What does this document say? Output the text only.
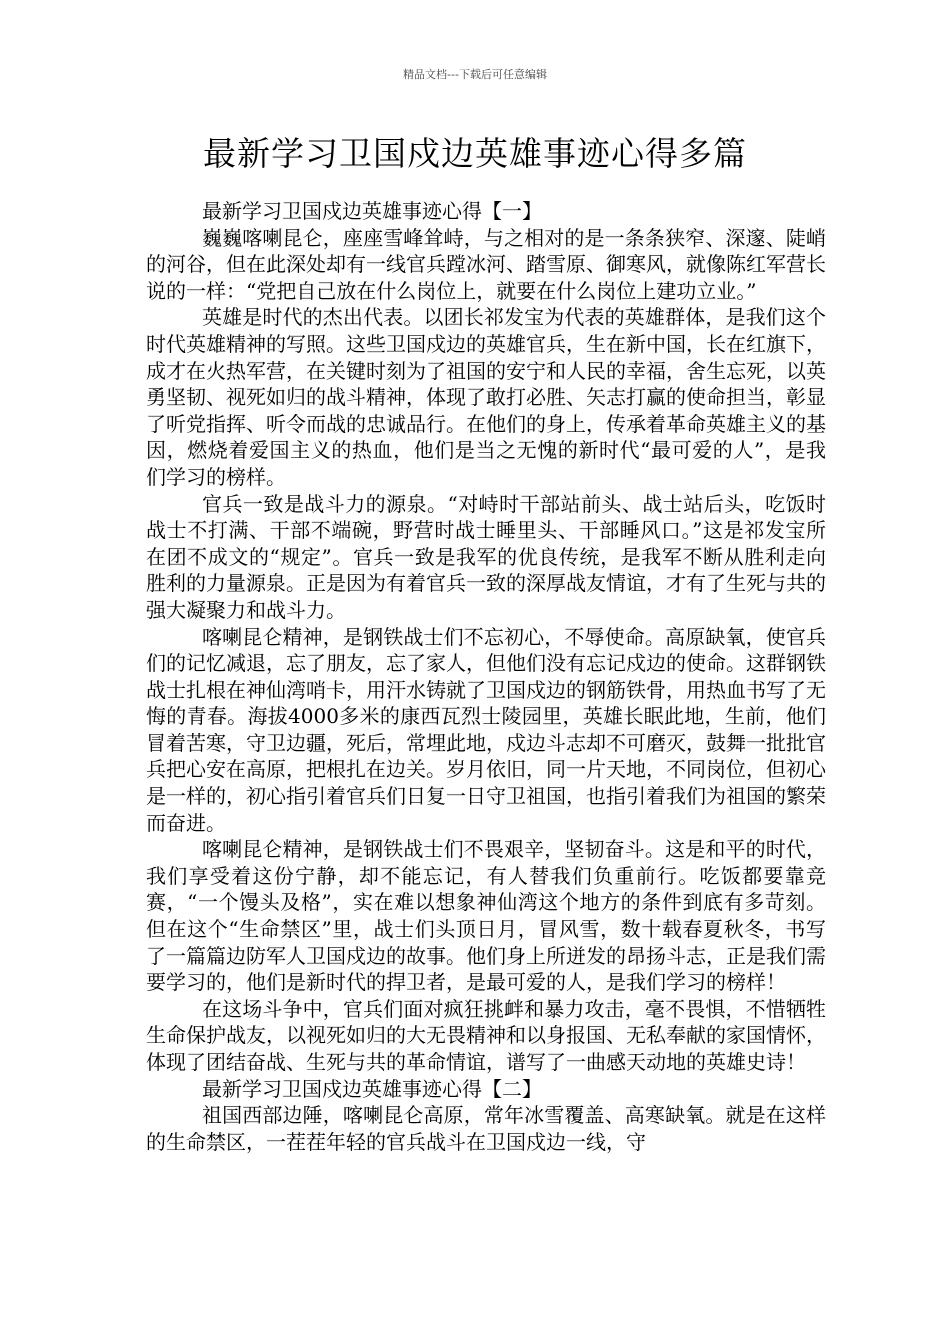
精品文档---下载后可任意编辑
最新学习卫国戍边英雄事迹心得多篇

最新学习卫国戍边英雄事迹心得【一】

巍巍喀喇昆仑，座座雪峰耸峙，与之相对的是一条条狭窄、深邃、陡峭的河谷，但在此深处却有一线官兵蹚冰河、踏雪原、御寒风，就像陈红军营长说的一样：“党把自己放在什么岗位上，就要在什么岗位上建功立业。”

英雄是时代的杰出代表。以团长祁发宝为代表的英雄群体，是我们这个时代英雄精神的写照。这些卫国戍边的英雄官兵，生在新中国，长在红旗下，成才在火热军营，在关键时刻为了祖国的安宁和人民的幸福，舍生忘死，以英勇坚韧、视死如归的战斗精神，体现了敢打必胜、矢志打赢的使命担当，彰显了听党指挥、听令而战的忠诚品行。在他们的身上，传承着革命英雄主义的基因，燃烧着爱国主义的热血，他们是当之无愧的新时代“最可爱的人”，是我们学习的榜样。

官兵一致是战斗力的源泉。“对峙时干部站前头、战士站后头，吃饭时战士不打满、干部不端碗，野营时战士睡里头、干部睡风口。”这是祁发宝所在团不成文的“规定”。官兵一致是我军的优良传统，是我军不断从胜利走向胜利的力量源泉。正是因为有着官兵一致的深厚战友情谊，才有了生死与共的强大凝聚力和战斗力。

喀喇昆仑精神，是钢铁战士们不忘初心，不辱使命。高原缺氧，使官兵们的记忆减退，忘了朋友，忘了家人，但他们没有忘记戍边的使命。这群钢铁战士扎根在神仙湾哨卡，用汗水铸就了卫国戍边的钢筋铁骨，用热血书写了无悔的青春。海拔4000多米的康西瓦烈士陵园里，英雄长眠此地，生前，他们冒着苦寒，守卫边疆，死后，常埋此地，戍边斗志却不可磨灭，鼓舞一批批官兵把心安在高原，把根扎在边关。岁月依旧，同一片天地，不同岗位，但初心是一样的，初心指引着官兵们日复一日守卫祖国，也指引着我们为祖国的繁荣而奋进。

喀喇昆仑精神，是钢铁战士们不畏艰辛，坚韧奋斗。这是和平的时代，我们享受着这份宁静，却不能忘记，有人替我们负重前行。吃饭都要靠竞赛，“一个馒头及格”，实在难以想象神仙湾这个地方的条件到底有多苛刻。但在这个“生命禁区”里，战士们头顶日月，冒风雪，数十载春夏秋冬，书写了一篇篇边防军人卫国戍边的故事。他们身上所迸发的昂扬斗志，正是我们需要学习的，他们是新时代的捍卫者，是最可爱的人，是我们学习的榜样！

在这场斗争中，官兵们面对疯狂挑衅和暴力攻击，毫不畏惧，不惜牺牲生命保护战友，以视死如归的大无畏精神和以身报国、无私奉献的家国情怀，体现了团结奋战、生死与共的革命情谊，谱写了一曲感天动地的英雄史诗！

最新学习卫国戍边英雄事迹心得【二】

祖国西部边陲，喀喇昆仑高原，常年冰雪覆盖、高寒缺氧。就是在这样的生命禁区，一茬茬年轻的官兵战斗在卫国戍边一线，守
